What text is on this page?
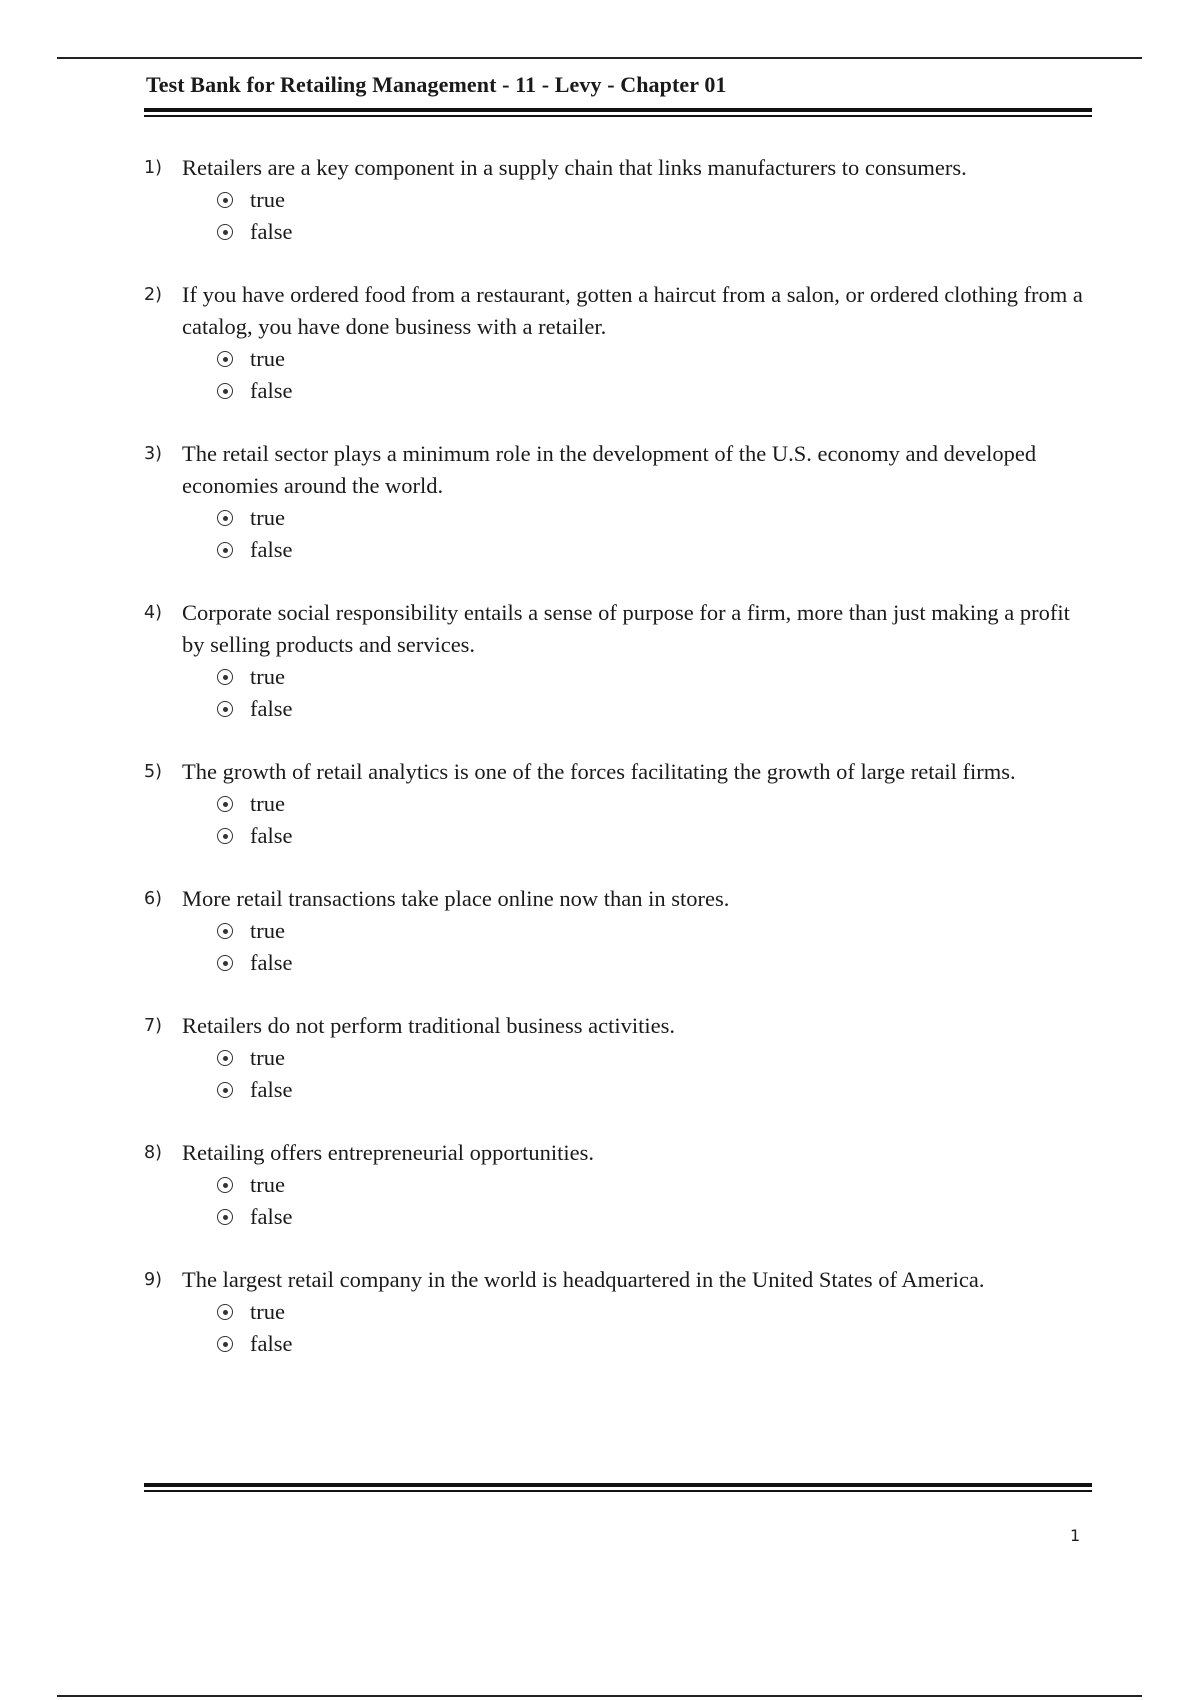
Test Bank for Retailing Management - 11 - Levy - Chapter 01
1) Retailers are a key component in a supply chain that links manufacturers to consumers.
true
false
2) If you have ordered food from a restaurant, gotten a haircut from a salon, or ordered clothing from a catalog, you have done business with a retailer.
true
false
3) The retail sector plays a minimum role in the development of the U.S. economy and developed economies around the world.
true
false
4) Corporate social responsibility entails a sense of purpose for a firm, more than just making a profit by selling products and services.
true
false
5) The growth of retail analytics is one of the forces facilitating the growth of large retail firms.
true
false
6) More retail transactions take place online now than in stores.
true
false
7) Retailers do not perform traditional business activities.
true
false
8) Retailing offers entrepreneurial opportunities.
true
false
9) The largest retail company in the world is headquartered in the United States of America.
true
false
1
